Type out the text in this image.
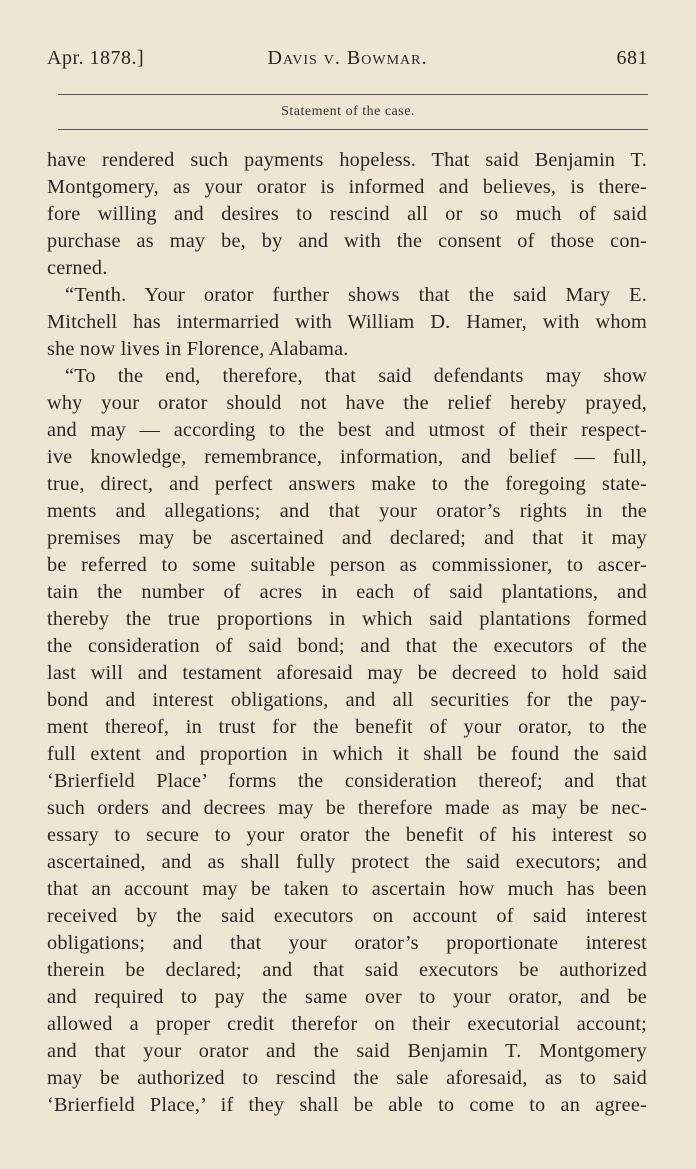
Apr. 1878.]	Davis v. Bowmar.	681
Statement of the case.
have rendered such payments hopeless. That said Benjamin T.
Montgomery, as your orator is informed and believes, is there-
fore willing and desires to rescind all or so much of said
purchase as may be, by and with the consent of those con-
cerned.
“Tenth. Your orator further shows that the said Mary E.
Mitchell has intermarried with William D. Hamer, with whom
she now lives in Florence, Alabama.
“To the end, therefore, that said defendants may show
why your orator should not have the relief hereby prayed,
and may — according to the best and utmost of their respect-
ive knowledge, remembrance, information, and belief — full,
true, direct, and perfect answers make to the foregoing state-
ments and allegations; and that your orator’s rights in the
premises may be ascertained and declared; and that it may
be referred to some suitable person as commissioner, to ascer-
tain the number of acres in each of said plantations, and
thereby the true proportions in which said plantations formed
the consideration of said bond; and that the executors of the
last will and testament aforesaid may be decreed to hold said
bond and interest obligations, and all securities for the pay-
ment thereof, in trust for the benefit of your orator, to the
full extent and proportion in which it shall be found the said
‘Brierfield Place’ forms the consideration thereof; and that
such orders and decrees may be therefore made as may be nec-
essary to secure to your orator the benefit of his interest so
ascertained, and as shall fully protect the said executors; and
that an account may be taken to ascertain how much has been
received by the said executors on account of said interest
obligations; and that your orator’s proportionate interest
therein be declared; and that said executors be authorized
and required to pay the same over to your orator, and be
allowed a proper credit therefor on their executorial account;
and that your orator and the said Benjamin T. Montgomery
may be authorized to rescind the sale aforesaid, as to said
‘Brierfield Place,’ if they shall be able to come to an agree-
